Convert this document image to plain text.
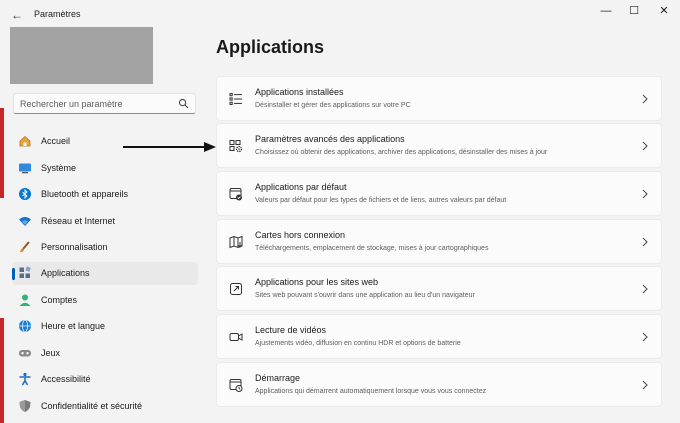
← Paramètres	—	☐	✕
Rechercher un paramètre
Accueil
Système
Bluetooth et appareils
Réseau et Internet
Personnalisation
Applications
Comptes
Heure et langue
Jeux
Accessibilité
Confidentialité et sécurité
Applications
Applications installées
Désinstaller et gérer des applications sur votre PC
Paramètres avancés des applications
Choisissez où obtenir des applications, archiver des applications, désinstaller des mises à jour
Applications par défaut
Valeurs par défaut pour les types de fichiers et de liens, autres valeurs par défaut
Cartes hors connexion
Téléchargements, emplacement de stockage, mises à jour cartographiques
Applications pour les sites web
Sites web pouvant s'ouvrir dans une application au lieu d'un navigateur
Lecture de vidéos
Ajustements vidéo, diffusion en continu HDR et options de batterie
Démarrage
Applications qui démarrent automatiquement lorsque vous vous connectez
